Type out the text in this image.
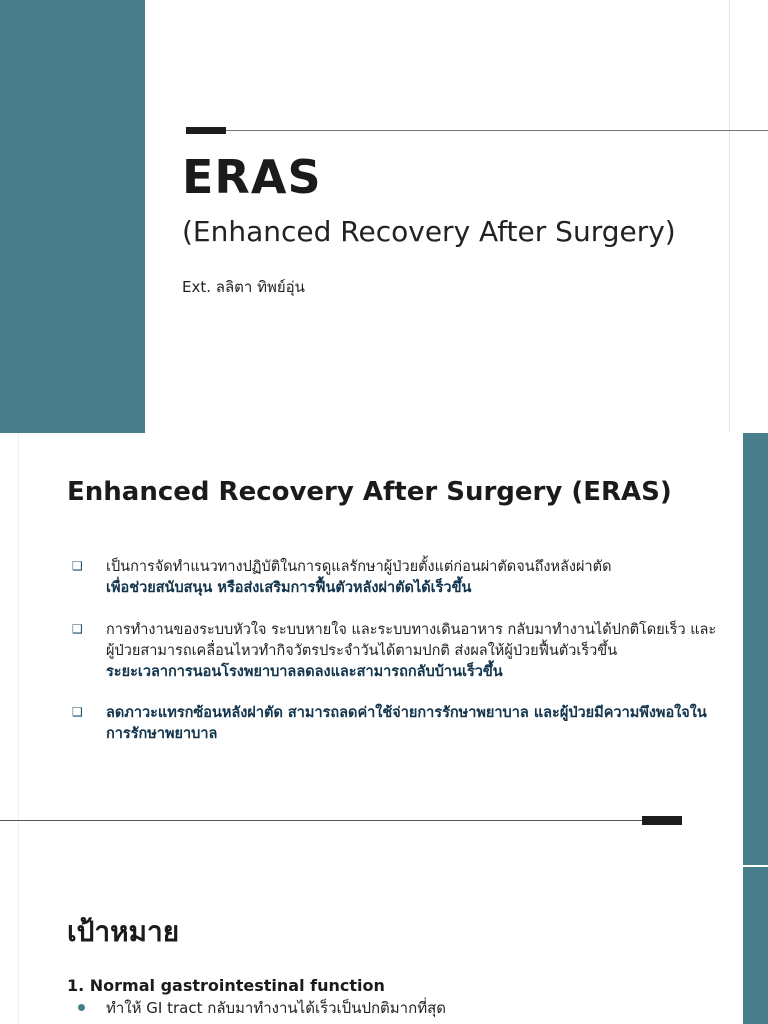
ERAS
(Enhanced Recovery After Surgery)
Ext. ลลิตา ทิพย์อุ่น
Enhanced Recovery After Surgery (ERAS)
❑ เป็นการจัดทำแนวทางปฏิบัติในการดูแลรักษาผู้ป่วยตั้งแต่ก่อนผ่าตัดจนถึงหลังผ่าตัด
เพื่อช่วยสนับสนุน หรือส่งเสริมการฟื้นตัวหลังผ่าตัดได้เร็วขึ้น
❑ การทำงานของระบบหัวใจ ระบบหายใจ และระบบทางเดินอาหาร กลับมาทำงานได้ปกติโดยเร็ว และผู้ป่วยสามารถเคลื่อนไหวทำกิจวัตรประจำวันได้ตามปกติ ส่งผลให้ผู้ป่วยฟื้นตัวเร็วขึ้น
ระยะเวลาการนอนโรงพยาบาลลดลงและสามารถกลับบ้านเร็วขึ้น
❑ ลดภาวะแทรกซ้อนหลังผ่าตัด สามารถลดค่าใช้จ่ายการรักษาพยาบาล และผู้ป่วยมีความพึงพอใจในการรักษาพยาบาล
เป้าหมาย
1. Normal gastrointestinal function
ทำให้ GI tract กลับมาทำงานได้เร็วเป็นปกติมากที่สุด
